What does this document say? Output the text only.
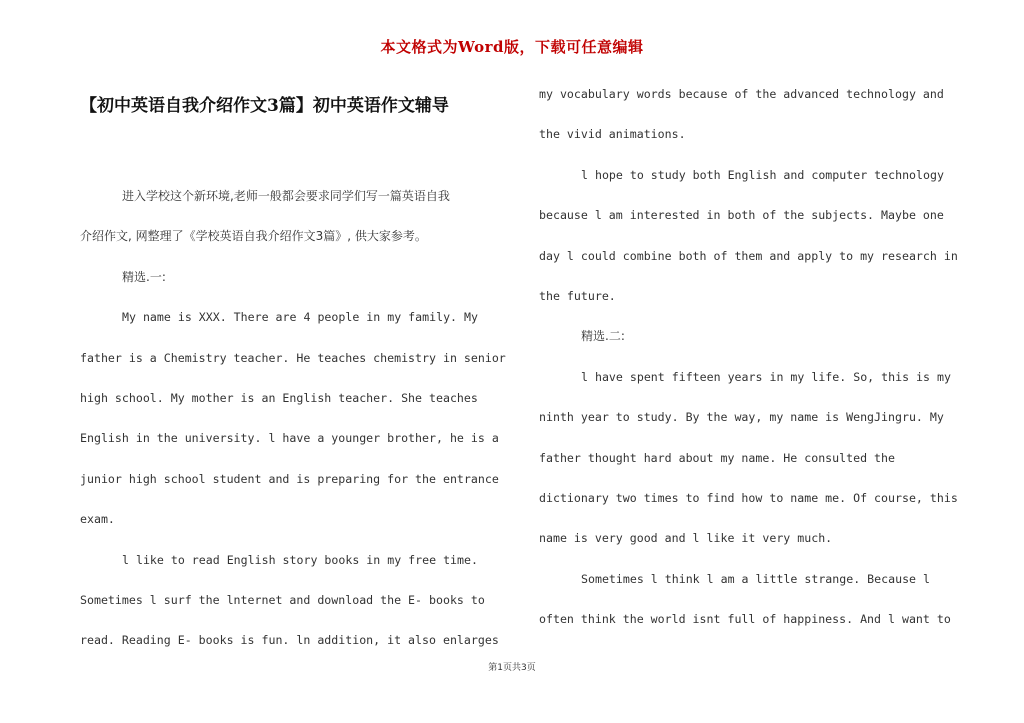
本文格式为Word版，下载可任意编辑
【初中英语自我介绍作文3篇】初中英语作文辅导
进入学校这个新环境,老师一般都会要求同学们写一篇英语自我
介绍作文, 网整理了《学校英语自我介绍作文3篇》, 供大家参考。
精选.一:
My name is XXX. There are 4 people in my family. My
father is a Chemistry teacher. He teaches chemistry in senior
high school. My mother is an English teacher. She teaches
English in the university. l have a younger brother, he is a
junior high school student and is preparing for the entrance
exam.
l like to read English story books in my free time.
Sometimes l surf the lnternet and download the E- books to
read. Reading E- books is fun. ln addition, it also enlarges
my vocabulary words because of the advanced technology and
the vivid animations.
l hope to study both English and computer technology
because l am interested in both of the subjects. Maybe one
day l could combine both of them and apply to my research in
the future.
精选.二:
l have spent fifteen years in my life. So, this is my
ninth year to study. By the way, my name is WengJingru. My
father thought hard about my name. He consulted the
dictionary two times to find how to name me. Of course, this
name is very good and l like it very much.
Sometimes l think l am a little strange. Because l
often think the world isnt full of happiness. And l want to
第1页共3页
